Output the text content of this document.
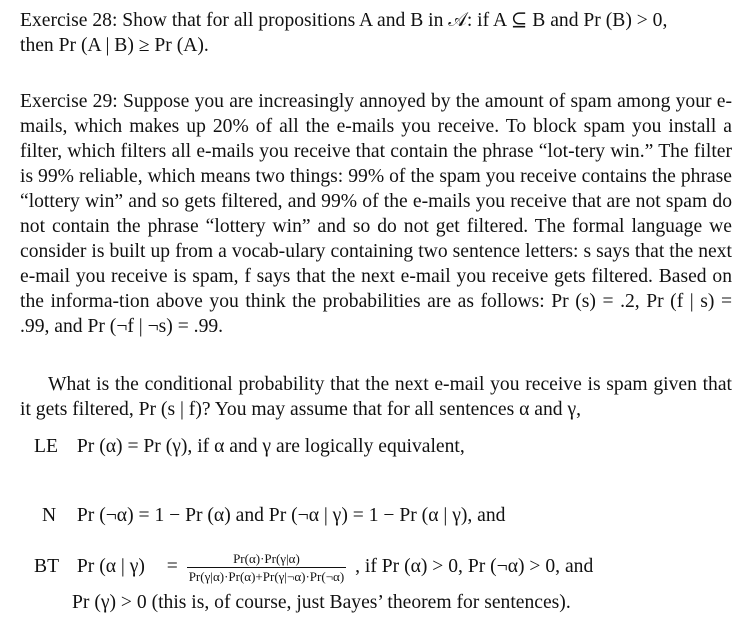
Exercise 28: Show that for all propositions A and B in 𝒜: if A ⊆ B and Pr (B) > 0,

then Pr (A | B) ≥ Pr (A).

Exercise 29: Suppose you are increasingly annoyed by the amount of spam among your e-mails, which makes up 20% of all the e-mails you receive. To block spam you install a filter, which filters all e-mails you receive that contain the phrase “lot-tery win.” The filter is 99% reliable, which means two things: 99% of the spam you receive contains the phrase “lottery win” and so gets filtered, and 99% of the e-mails you receive that are not spam do not contain the phrase “lottery win” and so do not get filtered. The formal language we consider is built up from a vocab-ulary containing two sentence letters: s says that the next e-mail you receive is spam, f says that the next e-mail you receive gets filtered. Based on the informa-tion above you think the probabilities are as follows: Pr (s) = .2, Pr (f | s) = .99, and Pr (¬f | ¬s) = .99.

What is the conditional probability that the next e-mail you receive is spam given that it gets filtered, Pr (s | f)? You may assume that for all sentences α and γ,

LE Pr (α) = Pr (γ), if α and γ are logically equivalent,
N Pr (¬α) = 1 − Pr (α) and Pr (¬α | γ) = 1 − Pr (α | γ), and
BT Pr (α | $\gamma) = \frac{Pr(\alpha)\cdot Pr(\gamma|\alpha)}{Pr(\gamma|\alpha)\cdot Pr(\alpha)+Pr(\gamma|\neg\alpha)\cdot Pr(\neg\alpha)}$ , if Pr (α) > 0, Pr (¬α) > 0, and
Pr (γ) > 0 (this is, of course, just Bayes’ theorem for sentences).
